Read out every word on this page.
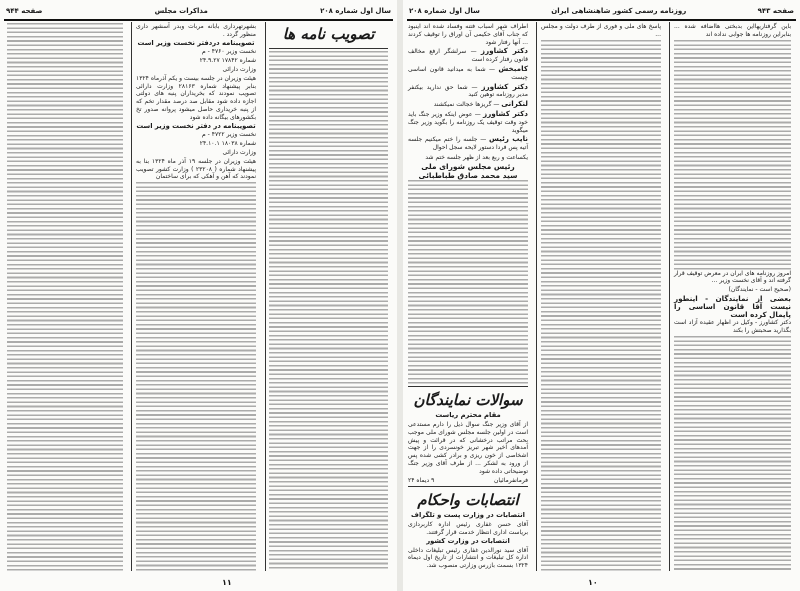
سال اول شماره ۲۰۸
مذاکرات مجلس
صفحه ۹۴۴
تصویب نامه ها

بشهرتهرداری بابانه مربات وبدر آسشهر داری منظور گردد .

تصویبنامه دردفتر نخست وزیر است

نخست وزیر ۴۷۶۰ - م

شماره ۱۷۸۴۲ ۲۴.۹.۲۷

وزارت دارائی

هیئت وزیران در جلسه بیست و یکم آذرماه ۱۳۲۴ بنابر پیشنهاد شماره ۲۸۱۶۳ وزارت دارائی تصویب نمودند که بخریداران پنبه های دولتی اجازه داده شود مقابل صد درصد مقدار تخم که از پنبه خریداری حاصل میشود پروانه صدور تخ بکشورهای بیگانه داده شود

تصویبنامه در دفتر نخست وزیر است

نخست وزیر ۴۷۲۲ - م

شماره ۱۸۰۳۸ ۲۴.۱۰.۱

وزارت دارائی

هیئت وزیران در جلسه ۱۹ آذر ماه ۱۳۲۴ بنا به پیشنهاد شماره ( ۲۳۲۰۸ ) وزارت کشور تصویب نمودند که آهن و آهکی که برای ساختمان

۱۱
صفحه ۹۴۳
روزنامه رسمی کشور شاهنشاهی ایران
سال اول شماره ۲۰۸

باین گرفتاریهااین بدبختی هااضافه شده ... بنابراین روزنامه ها جوابی نداده اند

امروز روزنامه های ایران در معرض توقیف قرار گرفته اند و آقای نخست وزیر ...

(صحیح است - نمایندگان)

بعضی از نمایندگان - اینطور نیست آقا قانون اساسی را پایمال کرده است

دکتر کشاورز - وکیل در اظهار عقیده آزاد است بگذارید صحبتش را بکند

پاسخ های ملی و فوری از طرف دولت و مجلس ...

اطراف شهر اسباب فتنه وفساد شده اند اینبود که جناب آقای حکیمی آن اوراق را توقیف کردند ... آنها رفتار شود

دکتر کشاورز — سرلشگر ارفع مخالف قانون رفتار کرده است

کامبخش — شما به میدانید قانون اساسی چیست

دکتر کشاورز — شما حق ندارید بیکنفر مدیر روزنامه توهین کنید

لنکرانی — گریزها خجالت نمیکشند

دکتر کشاورز — عوض اینکه وزیر جنگ باید خود وقت توقیف یک روزنامه را بگوید وزیر جنگ میگوید

نایب رئیس — جلسه را ختم میکنیم جلسه آتیه پس فردا دستور لایحه سجل احوال

یکساعت و ربع بعد از ظهر جلسه ختم شد

رئیس مجلس شورای ملی

سید محمد صادق طباطبائی

سوالات نمایندگان

مقام محترم ریاست

از آقای وزیر جنگ سوال ذیل را دارم مستدعی است در اولین جلسه مجلس شورای ملی موجب بحث مراتب درخشانی که در قرائت و پیش آمدهای اخیر شهر تبریز خونسردی را از جهت اشخاصی از خون ریزی و برادر کشی شده پس از ورود به لشکر ... از طرف آقای وزیر جنگ توضیحاتی داده شود

فرمانفرمائیان
۹ دیماه ۲۴
انتصابات واحکام

انتصابات در وزارت پست و تلگراف

آقای حسن غفاری رئیس اداره کاربردازی بریاست اداری انتظار خدمت قرار گرفتند.

انتصابات در وزارت کشور

آقای سید نورالدین غفاری رئیس تبلیغات داخلی اداره کل تبلیغات و انتشارات از تاریخ اول دیماه ۱۳۲۴ بسمت بازرس وزارتی منصوب شد.

۱۰
